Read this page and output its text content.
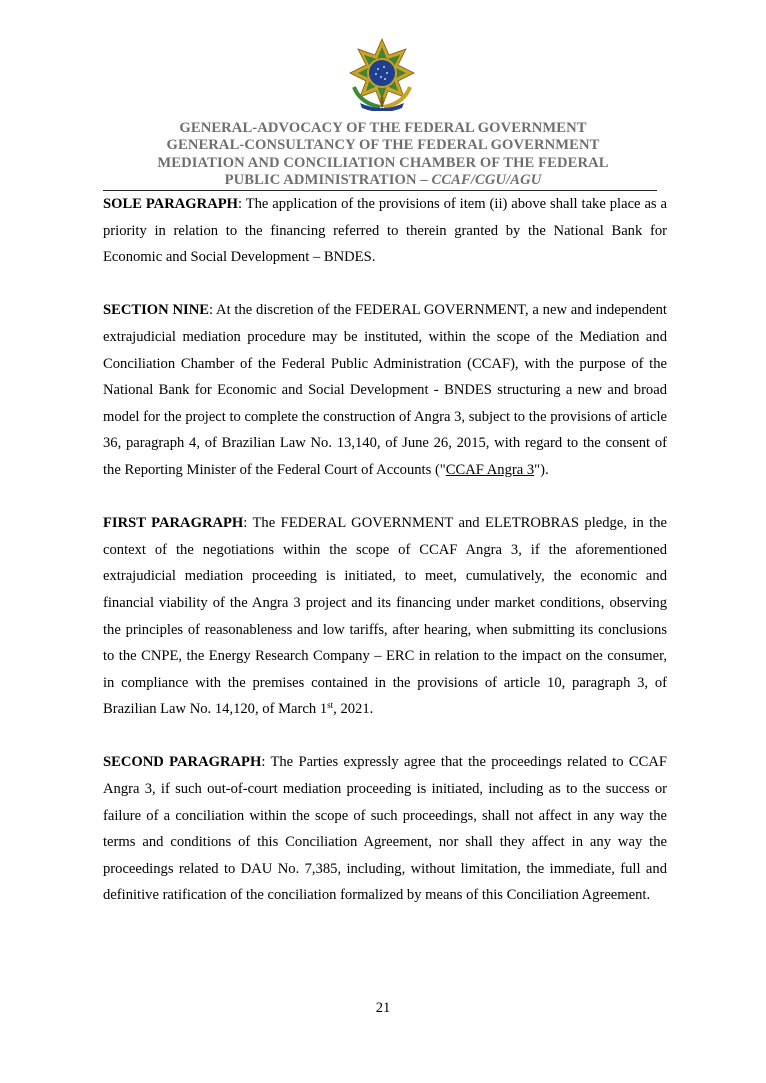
GENERAL-ADVOCACY OF THE FEDERAL GOVERNMENT
GENERAL-CONSULTANCY OF THE FEDERAL GOVERNMENT
MEDIATION AND CONCILIATION CHAMBER OF THE FEDERAL
PUBLIC ADMINISTRATION – CCAF/CGU/AGU

SOLE PARAGRAPH: The application of the provisions of item (ii) above shall take place as a priority in relation to the financing referred to therein granted by the National Bank for Economic and Social Development – BNDES.

SECTION NINE: At the discretion of the FEDERAL GOVERNMENT, a new and independent extrajudicial mediation procedure may be instituted, within the scope of the Mediation and Conciliation Chamber of the Federal Public Administration (CCAF), with the purpose of the National Bank for Economic and Social Development - BNDES structuring a new and broad model for the project to complete the construction of Angra 3, subject to the provisions of article 36, paragraph 4, of Brazilian Law No. 13,140, of June 26, 2015, with regard to the consent of the Reporting Minister of the Federal Court of Accounts ("CCAF Angra 3").

FIRST PARAGRAPH: The FEDERAL GOVERNMENT and ELETROBRAS pledge, in the context of the negotiations within the scope of CCAF Angra 3, if the aforementioned extrajudicial mediation proceeding is initiated, to meet, cumulatively, the economic and financial viability of the Angra 3 project and its financing under market conditions, observing the principles of reasonableness and low tariffs, after hearing, when submitting its conclusions to the CNPE, the Energy Research Company – ERC in relation to the impact on the consumer, in compliance with the premises contained in the provisions of article 10, paragraph 3, of Brazilian Law No. 14,120, of March 1st, 2021.

SECOND PARAGRAPH: The Parties expressly agree that the proceedings related to CCAF Angra 3, if such out-of-court mediation proceeding is initiated, including as to the success or failure of a conciliation within the scope of such proceedings, shall not affect in any way the terms and conditions of this Conciliation Agreement, nor shall they affect in any way the proceedings related to DAU No. 7,385, including, without limitation, the immediate, full and definitive ratification of the conciliation formalized by means of this Conciliation Agreement.

21
